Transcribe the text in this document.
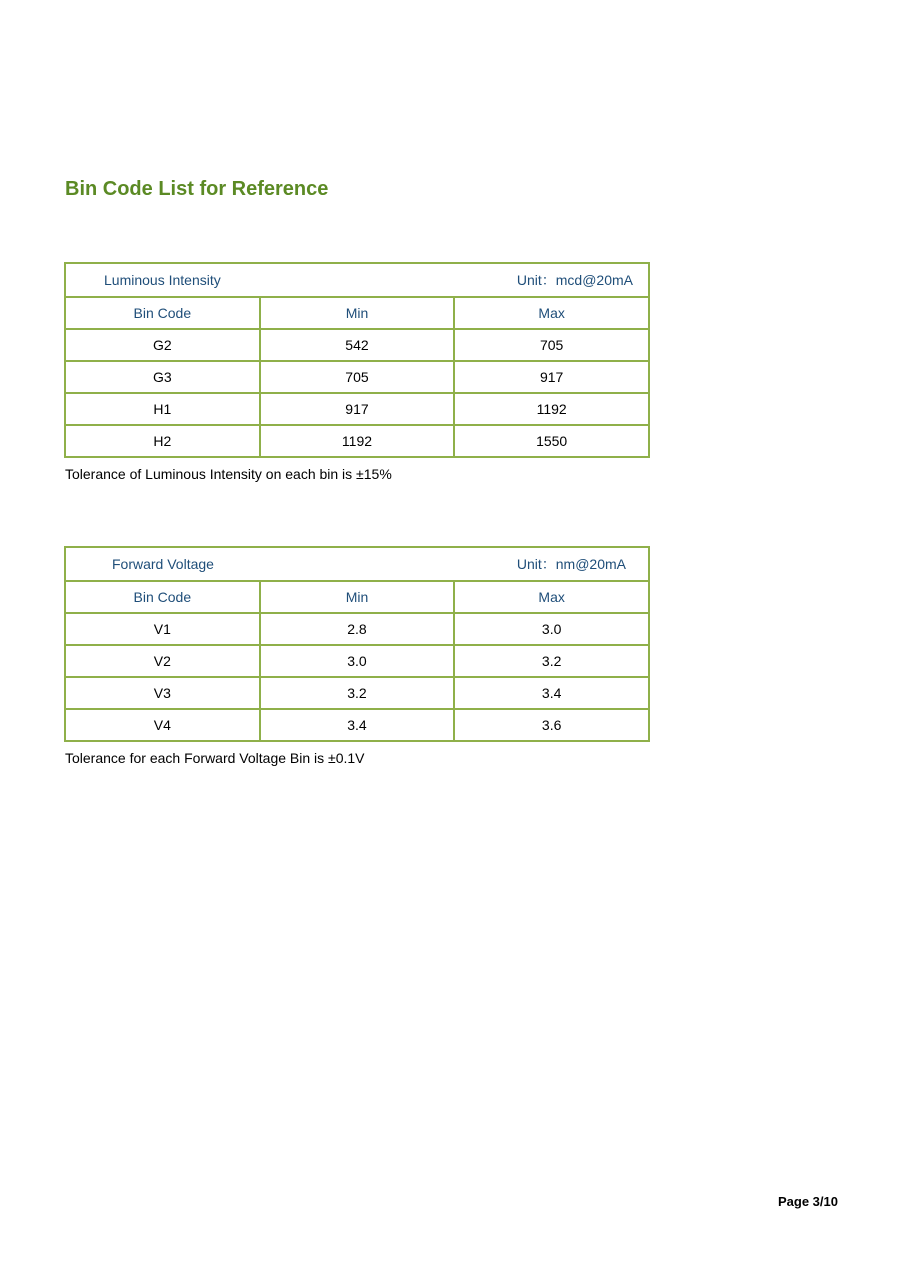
Bin Code List for Reference
Luminous Intensity Unit：mcd@20mA		

Bin Code	Min	Max
G2	542	705
G3	705	917
H1	917	1192
H2	1192	1550

Tolerance of Luminous Intensity on each bin is ±15%

Forward Voltage Unit：nm@20mA		

Bin Code	Min	Max
V1	2.8	3.0
V2	3.0	3.2
V3	3.2	3.4
V4	3.4	3.6

Tolerance for each Forward Voltage Bin is ±0.1V

Page 3/10
